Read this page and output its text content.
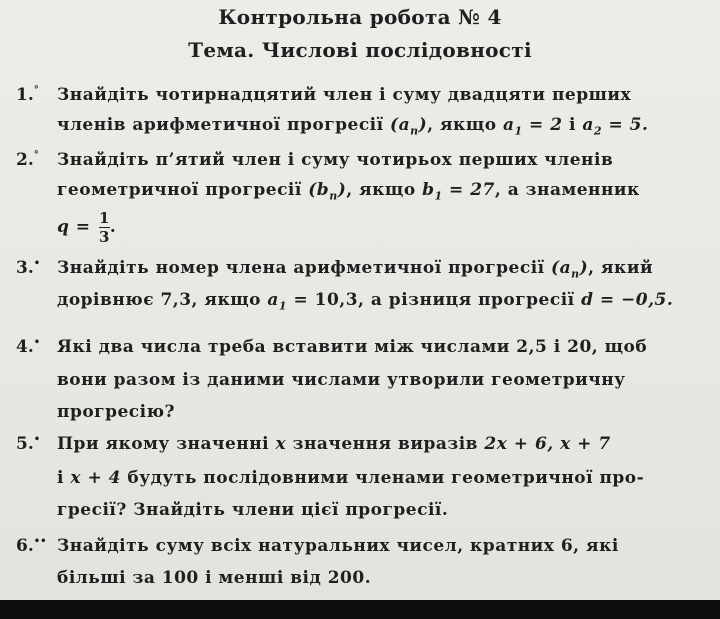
Контрольна робота № 4
Тема. Числові послідовності
1.° Знайдіть чотирнадцятий член і суму двадцяти перших
членів арифметичної прогресії $(a_n)$, якщо $a_1 = 2$ і $a_2 = 5$.
2.° Знайдіть п’ятий член і суму чотирьох перших членів
геометричної прогресії $(b_n)$, якщо $b_1 = 27$, а знаменник
$q = \frac{1}{3}$.
3.• Знайдіть номер члена арифметичної прогресії $(a_n)$, який
дорівнює 7,3, якщо $a_1 = 10,3$, а різниця прогресії d = −0,5.
4.• Які два числа треба вставити між числами 2,5 і 20, щоб
вони разом із даними числами утворили геометричну
прогресію?
5.• При якому значенні x значення виразів 2x + 6, x + 7
і x + 4 будуть послідовними членами геометричної про-
гресії? Знайдіть члени цієї прогресії.
6.•• Знайдіть суму всіх натуральних чисел, кратних 6, які
більші за 100 і менші від 200.
